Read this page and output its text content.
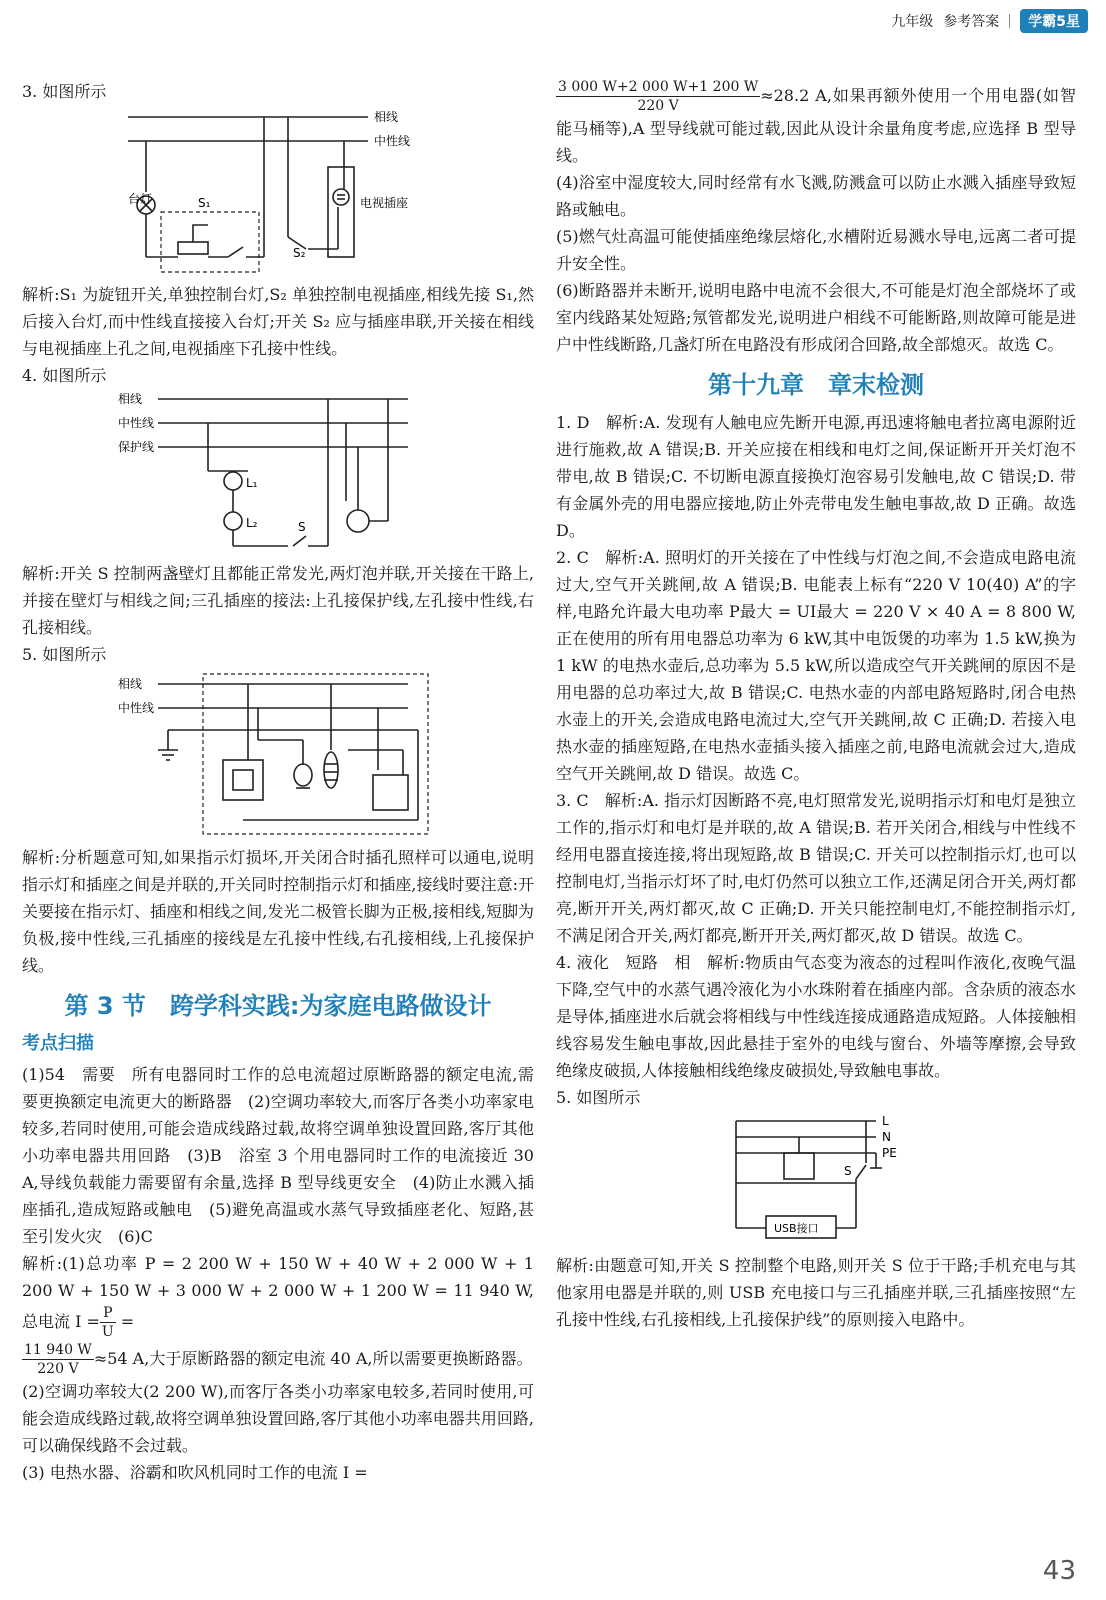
九年级 参考答案	学霸5星

3. 如图所示

相线
中性线
台灯	S₁
S₂
电视插座

解析:S₁ 为旋钮开关,单独控制台灯,S₂ 单独控制电视插座,相线先接 S₁,然后接入台灯,而中性线直接接入台灯;开关 S₂ 应与插座串联,开关接在相线与电视插座上孔之间,电视插座下孔接中性线。

4. 如图所示

相线
中性线
保护线
L₁
L₂	S

解析:开关 S 控制两盏壁灯且都能正常发光,两灯泡并联,开关接在干路上,并接在壁灯与相线之间;三孔插座的接法:上孔接保护线,左孔接中性线,右孔接相线。

5. 如图所示

相线
中性线

解析:分析题意可知,如果指示灯损坏,开关闭合时插孔照样可以通电,说明指示灯和插座之间是并联的,开关同时控制指示灯和插座,接线时要注意:开关要接在指示灯、插座和相线之间,发光二极管长脚为正极,接相线,短脚为负极,接中性线,三孔插座的接线是左孔接中性线,右孔接相线,上孔接保护线。

第 3 节　跨学科实践:为家庭电路做设计
考点扫描

(1)54　需要　所有电器同时工作的总电流超过原断路器的额定电流,需要更换额定电流更大的断路器　(2)空调功率较大,而客厅各类小功率家电较多,若同时使用,可能会造成线路过载,故将空调单独设置回路,客厅其他小功率电器共用回路　(3)B　浴室 3 个用电器同时工作的电流接近 30 A,导线负载能力需要留有余量,选择 B 型导线更安全　(4)防止水溅入插座插孔,造成短路或触电　(5)避免高温或水蒸气导致插座老化、短路,甚至引发火灾　(6)C

解析:(1)总功率 P = 2 200 W + 150 W + 40 W + 2 000 W + 1 200 W + 150 W + 3 000 W + 2 000 W + 1 200 W = 11 940 W,总电流 $I = \frac{P}{U}$ =

$\frac{11 940 W}{220 V} \approx 54$ A,大于原断路器的额定电流 40 A,所以需要更换断路器。

(2)空调功率较大(2 200 W),而客厅各类小功率家电较多,若同时使用,可能会造成线路过载,故将空调单独设置回路,客厅其他小功率电器共用回路,可以确保线路不会过载。

(3) 电热水器、浴霸和吹风机同时工作的电流 I =

$\frac{3 000 W+2 000 W+1 200 W}{220 V} \approx 28.2$ A,如果再额外使用一个用电器(如智能马桶等),A 型导线就可能过载,因此从设计余量角度考虑,应选择 B 型导线。

(4)浴室中湿度较大,同时经常有水飞溅,防溅盒可以防止水溅入插座导致短路或触电。

(5)燃气灶高温可能使插座绝缘层熔化,水槽附近易溅水导电,远离二者可提升安全性。

(6)断路器并未断开,说明电路中电流不会很大,不可能是灯泡全部烧坏了或室内线路某处短路;氖管都发光,说明进户相线不可能断路,则故障可能是进户中性线断路,几盏灯所在电路没有形成闭合回路,故全部熄灭。故选 C。

第十九章　章末检测

1. D　解析:A. 发现有人触电应先断开电源,再迅速将触电者拉离电源附近进行施救,故 A 错误;B. 开关应接在相线和电灯之间,保证断开开关灯泡不带电,故 B 错误;C. 不切断电源直接换灯泡容易引发触电,故 C 错误;D. 带有金属外壳的用电器应接地,防止外壳带电发生触电事故,故 D 正确。故选 D。

2. C　解析:A. 照明灯的开关接在了中性线与灯泡之间,不会造成电路电流过大,空气开关跳闸,故 A 错误;B. 电能表上标有“220 V 10(40) A”的字样,电路允许最大电功率 P最大 = UI最大 = 220 V × 40 A = 8 800 W,正在使用的所有用电器总功率为 6 kW,其中电饭煲的功率为 1.5 kW,换为 1 kW 的电热水壶后,总功率为 5.5 kW,所以造成空气开关跳闸的原因不是用电器的总功率过大,故 B 错误;C. 电热水壶的内部电路短路时,闭合电热水壶上的开关,会造成电路电流过大,空气开关跳闸,故 C 正确;D. 若接入电热水壶的插座短路,在电热水壶插头接入插座之前,电路电流就会过大,造成空气开关跳闸,故 D 错误。故选 C。

3. C　解析:A. 指示灯因断路不亮,电灯照常发光,说明指示灯和电灯是独立工作的,指示灯和电灯是并联的,故 A 错误;B. 若开关闭合,相线与中性线不经用电器直接连接,将出现短路,故 B 错误;C. 开关可以控制指示灯,也可以控制电灯,当指示灯坏了时,电灯仍然可以独立工作,还满足闭合开关,两灯都亮,断开开关,两灯都灭,故 C 正确;D. 开关只能控制电灯,不能控制指示灯,不满足闭合开关,两灯都亮,断开开关,两灯都灭,故 D 错误。故选 C。

4. 液化　短路　相　解析:物质由气态变为液态的过程叫作液化,夜晚气温下降,空气中的水蒸气遇冷液化为小水珠附着在插座内部。含杂质的液态水是导体,插座进水后就会将相线与中性线连接成通路造成短路。人体接触相线容易发生触电事故,因此悬挂于室外的电线与窗台、外墙等摩擦,会导致绝缘皮破损,人体接触相线绝缘皮破损处,导致触电事故。

5. 如图所示

L
N
PE
S
USB接口

解析:由题意可知,开关 S 控制整个电路,则开关 S 位于干路;手机充电与其他家用电器是并联的,则 USB 充电接口与三孔插座并联,三孔插座按照“左孔接中性线,右孔接相线,上孔接保护线”的原则接入电路中。

43
